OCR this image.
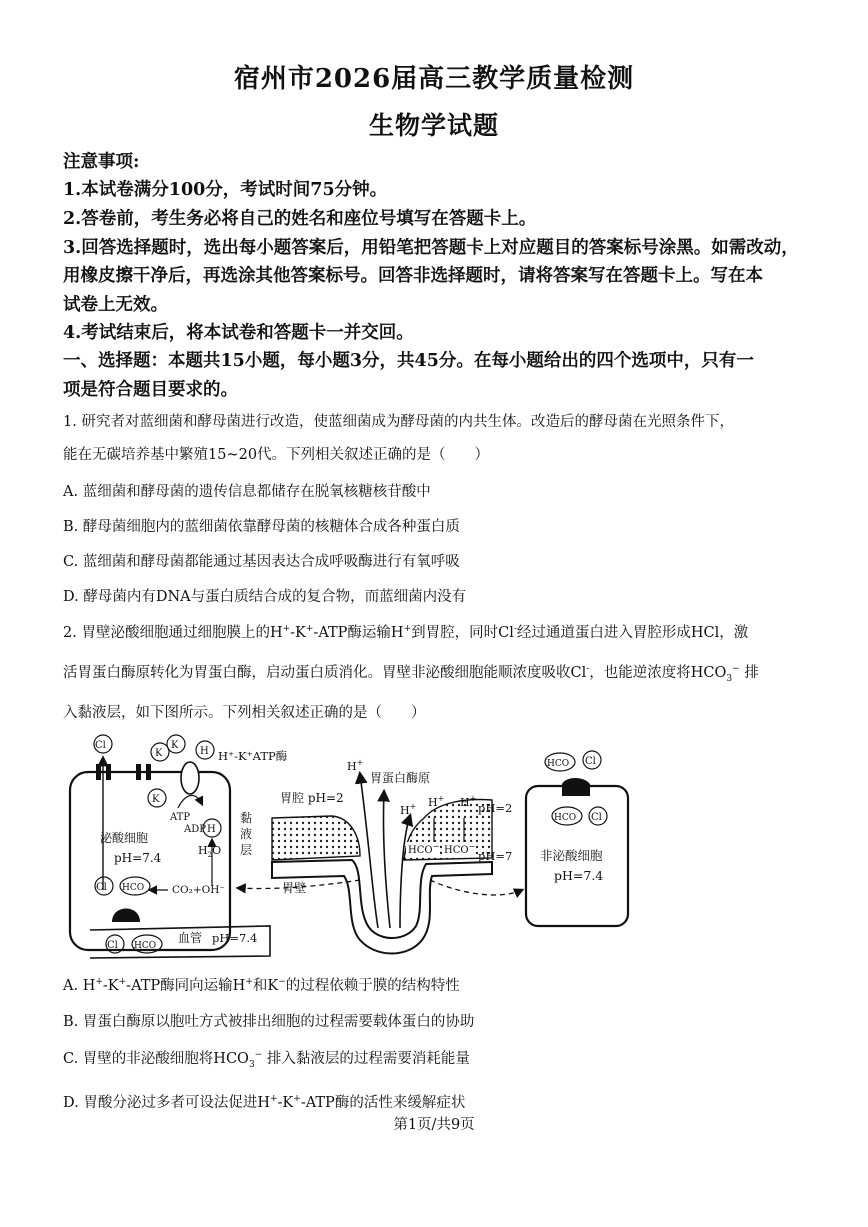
宿州市2026届高三教学质量检测
生物学试题
注意事项:
1.本试卷满分100分，考试时间75分钟。
2.答卷前，考生务必将自己的姓名和座位号填写在答题卡上。
3.回答选择题时，选出每小题答案后，用铅笔把答题卡上对应题目的答案标号涂黑。如需改动，
用橡皮擦干净后，再选涂其他答案标号。回答非选择题时，请将答案写在答题卡上。写在本
试卷上无效。
4.考试结束后，将本试卷和答题卡一并交回。
一、选择题：本题共15小题，每小题3分，共45分。在每小题给出的四个选项中，只有一
项是符合题目要求的。
1. 研究者对蓝细菌和酵母菌进行改造，使蓝细菌成为酵母菌的内共生体。改造后的酵母菌在光照条件下，
能在无碳培养基中繁殖15~20代。下列相关叙述正确的是（　　）
A. 蓝细菌和酵母菌的遗传信息都储存在脱氧核糖核苷酸中
B. 酵母菌细胞内的蓝细菌依靠酵母菌的核糖体合成各种蛋白质
C. 蓝细菌和酵母菌都能通过基因表达合成呼吸酶进行有氧呼吸
D. 酵母菌内有DNA与蛋白质结合成的复合物，而蓝细菌内没有
2. 胃壁泌酸细胞通过细胞膜上的H+-K+-ATP酶运输H+到胃腔，同时Cl-经过通道蛋白进入胃腔形成HCl，激
活胃蛋白酶原转化为胃蛋白酶，启动蛋白质消化。胃壁非泌酸细胞能顺浓度吸收Cl-，也能逆浓度将$HCO_3^-$ 排
入黏液层，如下图所示。下列相关叙述正确的是（　　）
Cl
K
K
K
H
H
H⁺-K⁺ATP酶
ATP
ADP
$H_2O$
CO₂+OH⁻
泌酸细胞
pH=7.4
Cl HCO
Cl HCO
血管 pH=7.4
黏
液
层
胃腔 pH=2
胃壁
H+
胃蛋白酶原
H+ H+ H+
pH=2
pH=7
HCO− HCO−
HCO Cl
HCO Cl
非泌酸细胞
pH=7.4
A. H+-K+-ATP酶同向运输H+和K−的过程依赖于膜的结构特性
B. 胃蛋白酶原以胞吐方式被排出细胞的过程需要载体蛋白的协助
C. 胃壁的非泌酸细胞将$HCO_3^-$ 排入黏液层的过程需要消耗能量
D. 胃酸分泌过多者可设法促进H+-K+-ATP酶的活性来缓解症状
第1页/共9页
